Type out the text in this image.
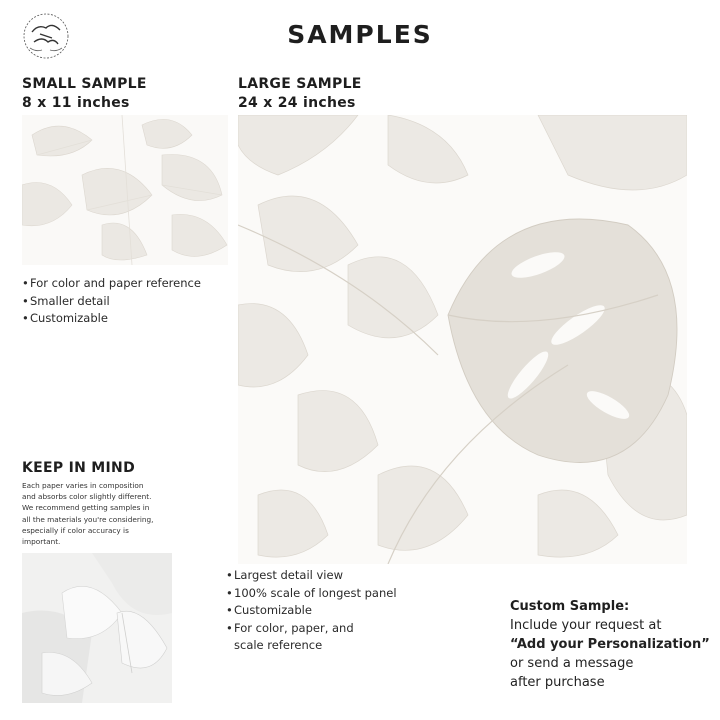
SAMPLES
SMALL SAMPLE
8 x 11 inches
LARGE SAMPLE
24 x 24 inches
•For color and paper reference
•Smaller detail
•Customizable
KEEP IN MIND
Each paper varies in composition
and absorbs color slightly different.
We recommend getting samples in
all the materials you're considering,
especially if color accuracy is
important.
•Largest detail view
•100% scale of longest panel
•Customizable
•For color, paper, and
scale reference
Custom Sample:
Include your request at
“Add your Personalization”
or send a message
after purchase
